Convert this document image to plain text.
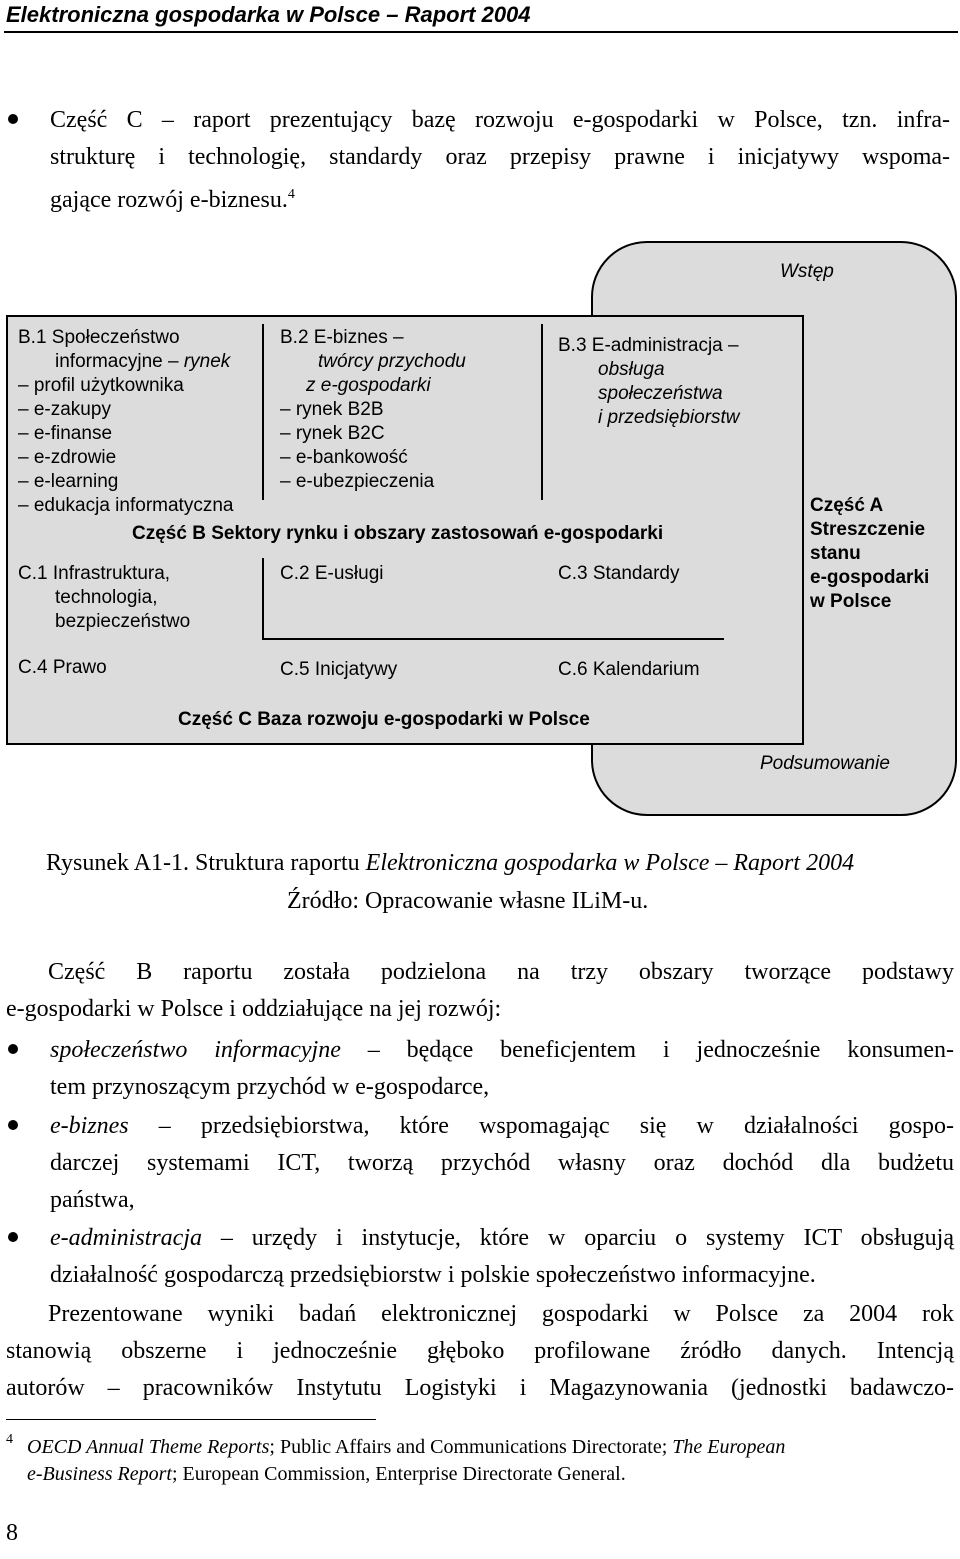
Elektroniczna gospodarka w Polsce – Raport 2004
Część C – raport prezentujący bazę rozwoju e-gospodarki w Polsce, tzn. infra-
strukturę i technologię, standardy oraz przepisy prawne i inicjatywy wspoma-
gające rozwój e-biznesu.$^4$
B.1 Społeczeństwo
informacyjne – rynek
– profil użytkownika
– e-zakupy
– e-finanse
– e-zdrowie
– e-learning
– edukacja informatyczna
B.2 E-biznes –
twórcy przychodu
z e-gospodarki
– rynek B2B
– rynek B2C
– e-bankowość
– e-ubezpieczenia
B.3 E-administracja –
obsługa
społeczeństwa
i przedsiębiorstw
Część B Sektory rynku i obszary zastosowań e-gospodarki
C.1 Infrastruktura,
technologia,
bezpieczeństwo
C.2 E-usługi	C.3 Standardy
C.4 Prawo	C.5 Inicjatywy	C.6 Kalendarium
Część C Baza rozwoju e-gospodarki w Polsce
Część A
Streszczenie
stanu
e-gospodarki
w Polsce
Wstęp
Podsumowanie
Rysunek A1-1. Struktura raportu Elektroniczna gospodarka w Polsce – Raport 2004
Źródło: Opracowanie własne ILiM-u.
Część B raportu została podzielona na trzy obszary tworzące podstawy
e-gospodarki w Polsce i oddziałujące na jej rozwój:
społeczeństwo informacyjne – będące beneficjentem i jednocześnie konsumen-
tem przynoszącym przychód w e-gospodarce,
e-biznes – przedsiębiorstwa, które wspomagając się w działalności gospo-
darczej systemami ICT, tworzą przychód własny oraz dochód dla budżetu
państwa,
e-administracja – urzędy i instytucje, które w oparciu o systemy ICT obsługują
działalność gospodarczą przedsiębiorstw i polskie społeczeństwo informacyjne.
Prezentowane wyniki badań elektronicznej gospodarki w Polsce za 2004 rok
stanowią obszerne i jednocześnie głęboko profilowane źródło danych. Intencją
autorów – pracowników Instytutu Logistyki i Magazynowania (jednostki badawczo-
4 OECD Annual Theme Reports; Public Affairs and Communications Directorate; The European
e-Business Report; European Commission, Enterprise Directorate General.
8
